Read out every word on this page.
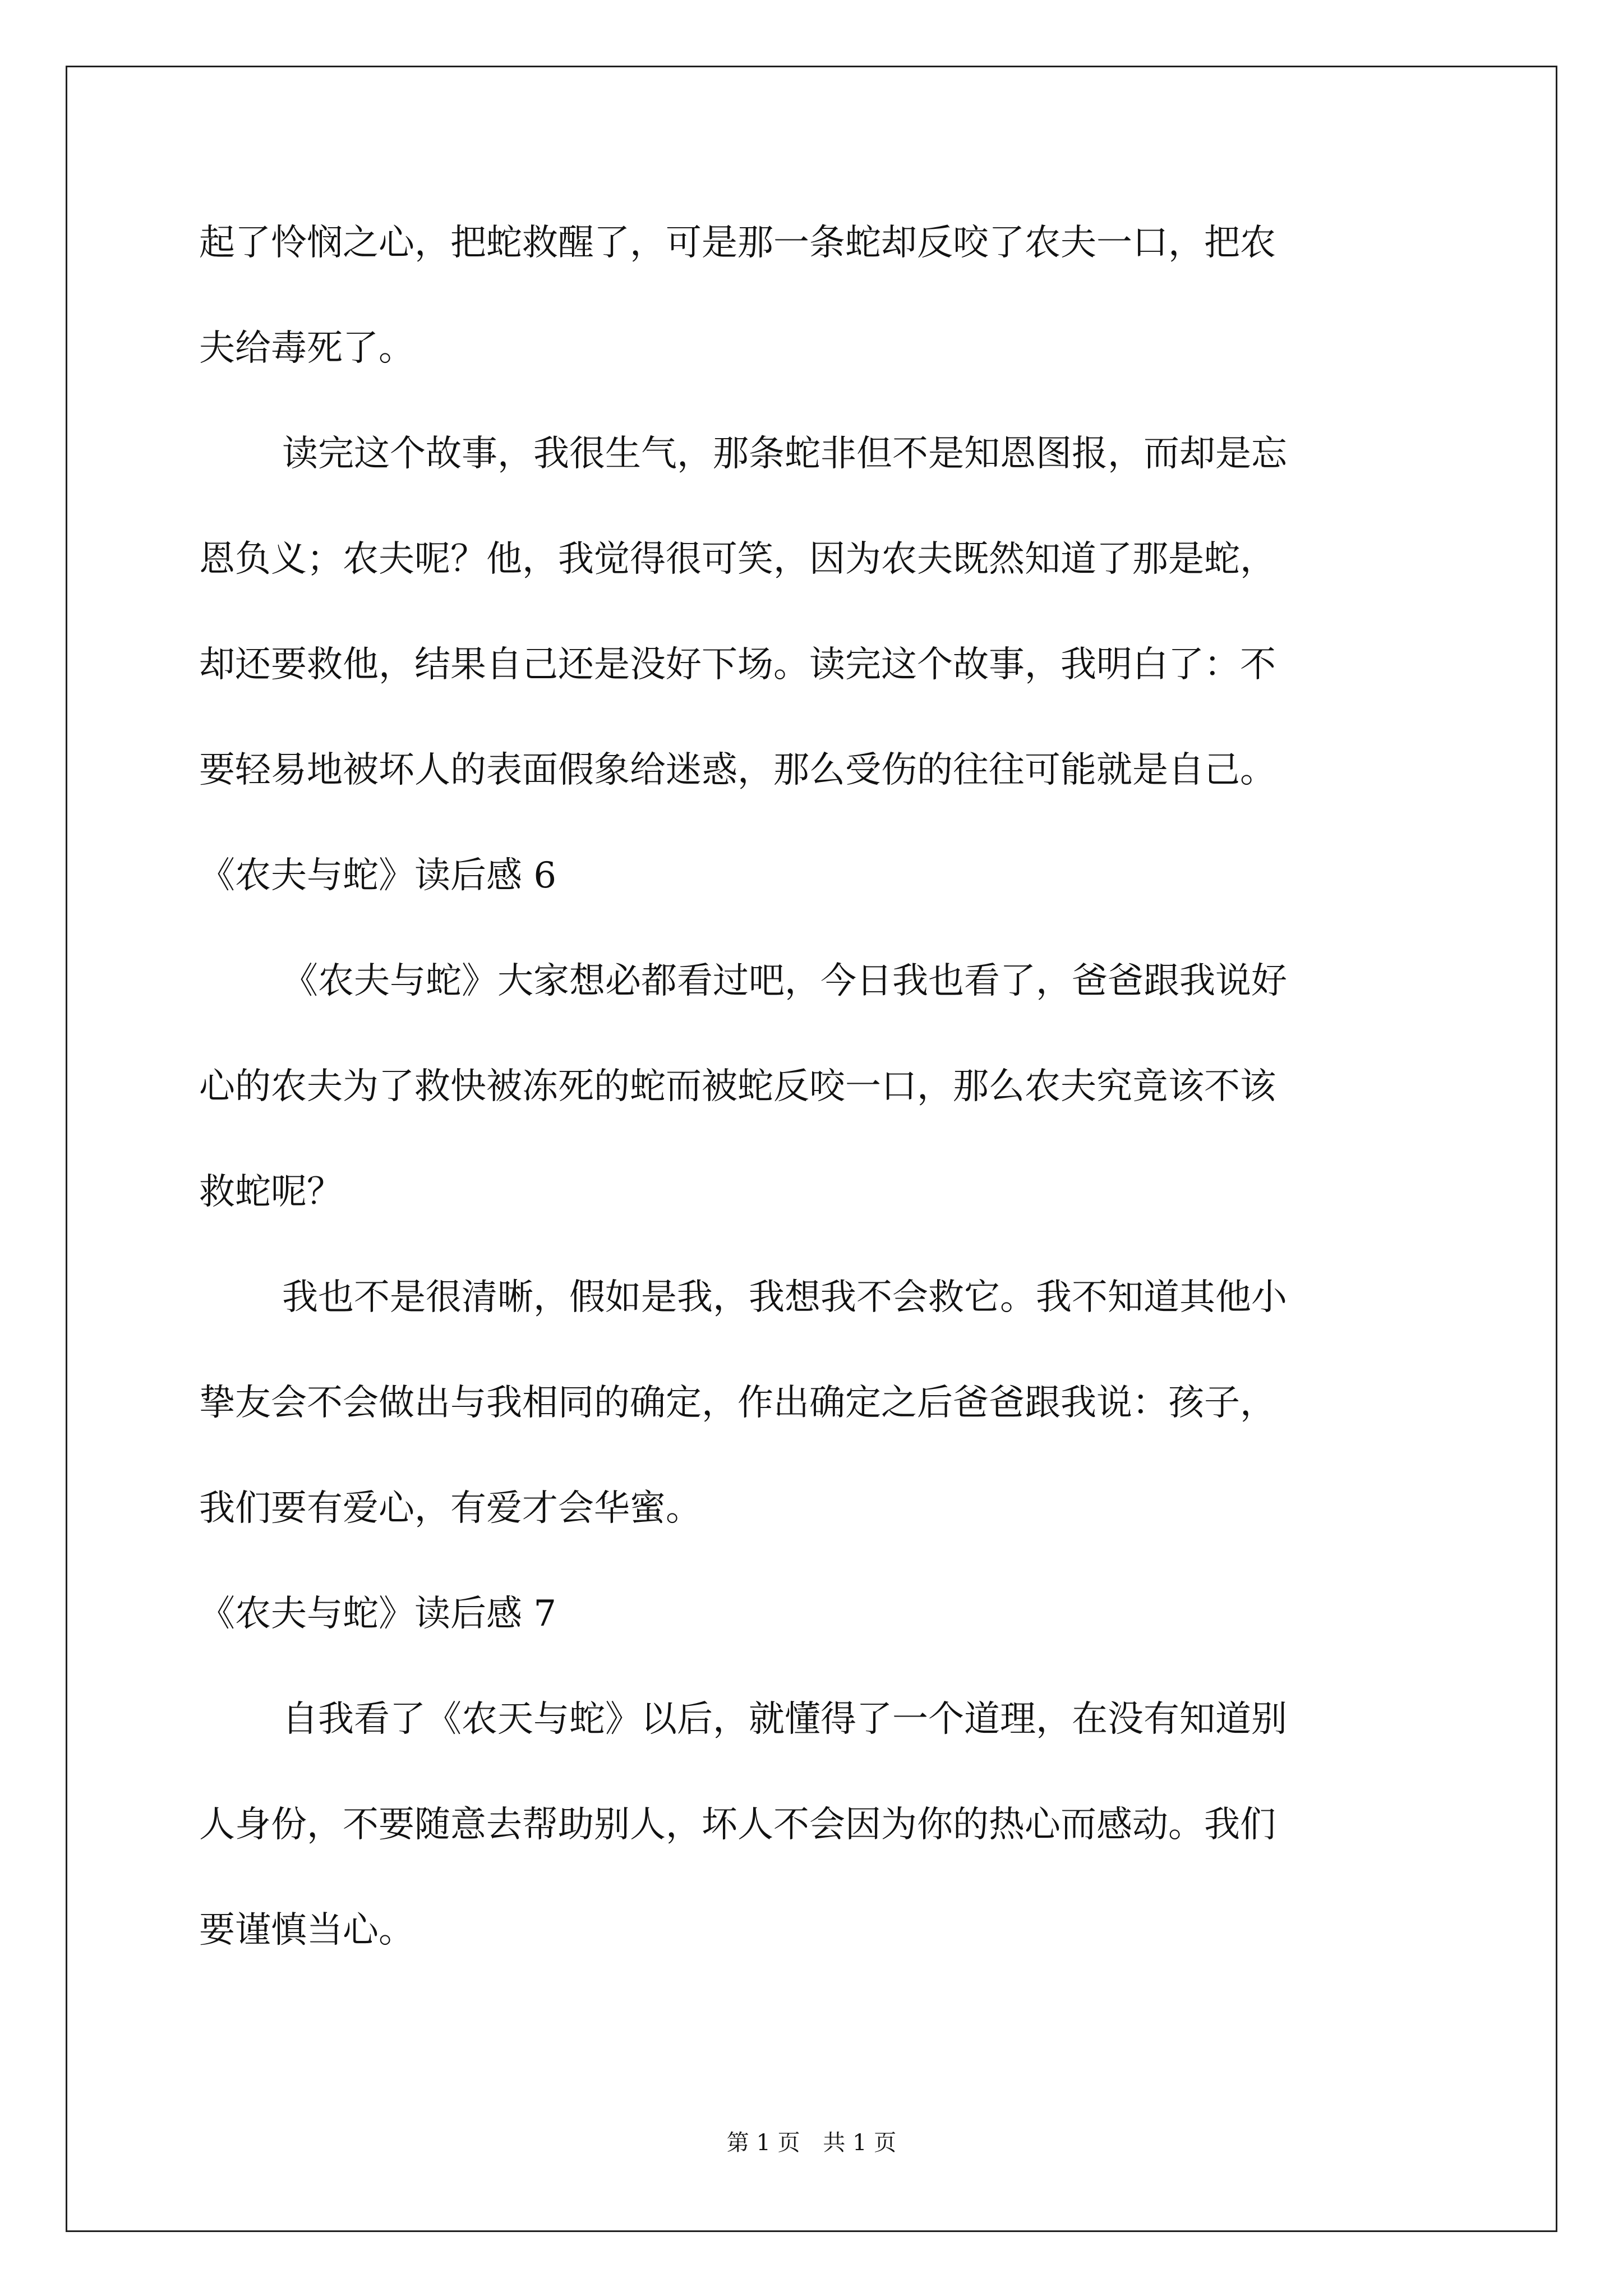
起了怜悯之心，把蛇救醒了，可是那一条蛇却反咬了农夫一口，把农
夫给毒死了。
读完这个故事，我很生气，那条蛇非但不是知恩图报，而却是忘
恩负义；农夫呢？他，我觉得很可笑，因为农夫既然知道了那是蛇，
却还要救他，结果自己还是没好下场。读完这个故事，我明白了：不
要轻易地被坏人的表面假象给迷惑，那么受伤的往往可能就是自己。
《农夫与蛇》读后感 6
《农夫与蛇》大家想必都看过吧，今日我也看了，爸爸跟我说好
心的农夫为了救快被冻死的蛇而被蛇反咬一口，那么农夫究竟该不该
救蛇呢？
我也不是很清晰，假如是我，我想我不会救它。我不知道其他小
挚友会不会做出与我相同的确定，作出确定之后爸爸跟我说：孩子，
我们要有爱心，有爱才会华蜜。
《农夫与蛇》读后感 7
自我看了《农天与蛇》以后，就懂得了一个道理，在没有知道别
人身份，不要随意去帮助别人，坏人不会因为你的热心而感动。我们
要谨慎当心。
第 1 页 共 1 页
